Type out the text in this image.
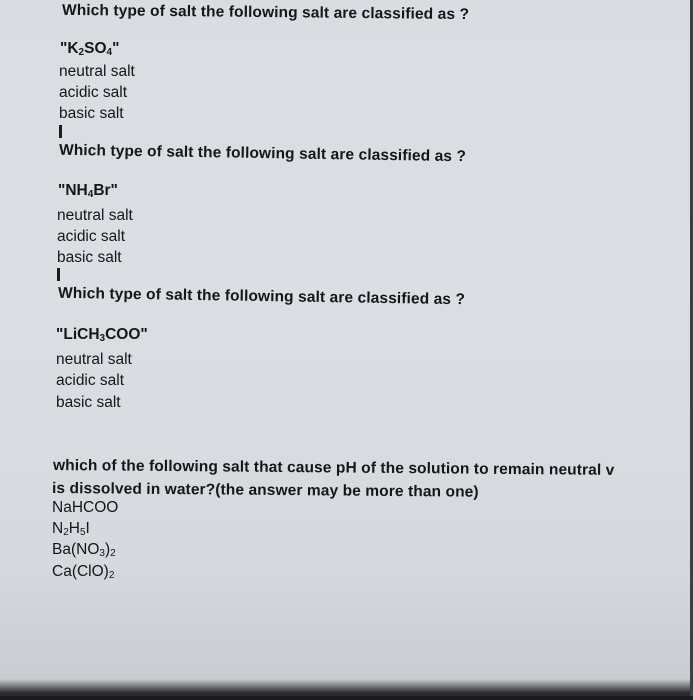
Which type of salt the following salt are classified as ?
"$K_2SO_4$"
neutral salt
acidic salt
basic salt
Which type of salt the following salt are classified as ?
"$NH_4Br$"
neutral salt
acidic salt
basic salt
Which type of salt the following salt are classified as ?
"LiCH$_3$COO"
neutral salt
acidic salt
basic salt
which of the following salt that cause pH of the solution to remain neutral v
is dissolved in water?(the answer may be more than one)
NaHCOO
$N_2H_5I$
$Ba(NO_3)_2$
$Ca(ClO)_2$
